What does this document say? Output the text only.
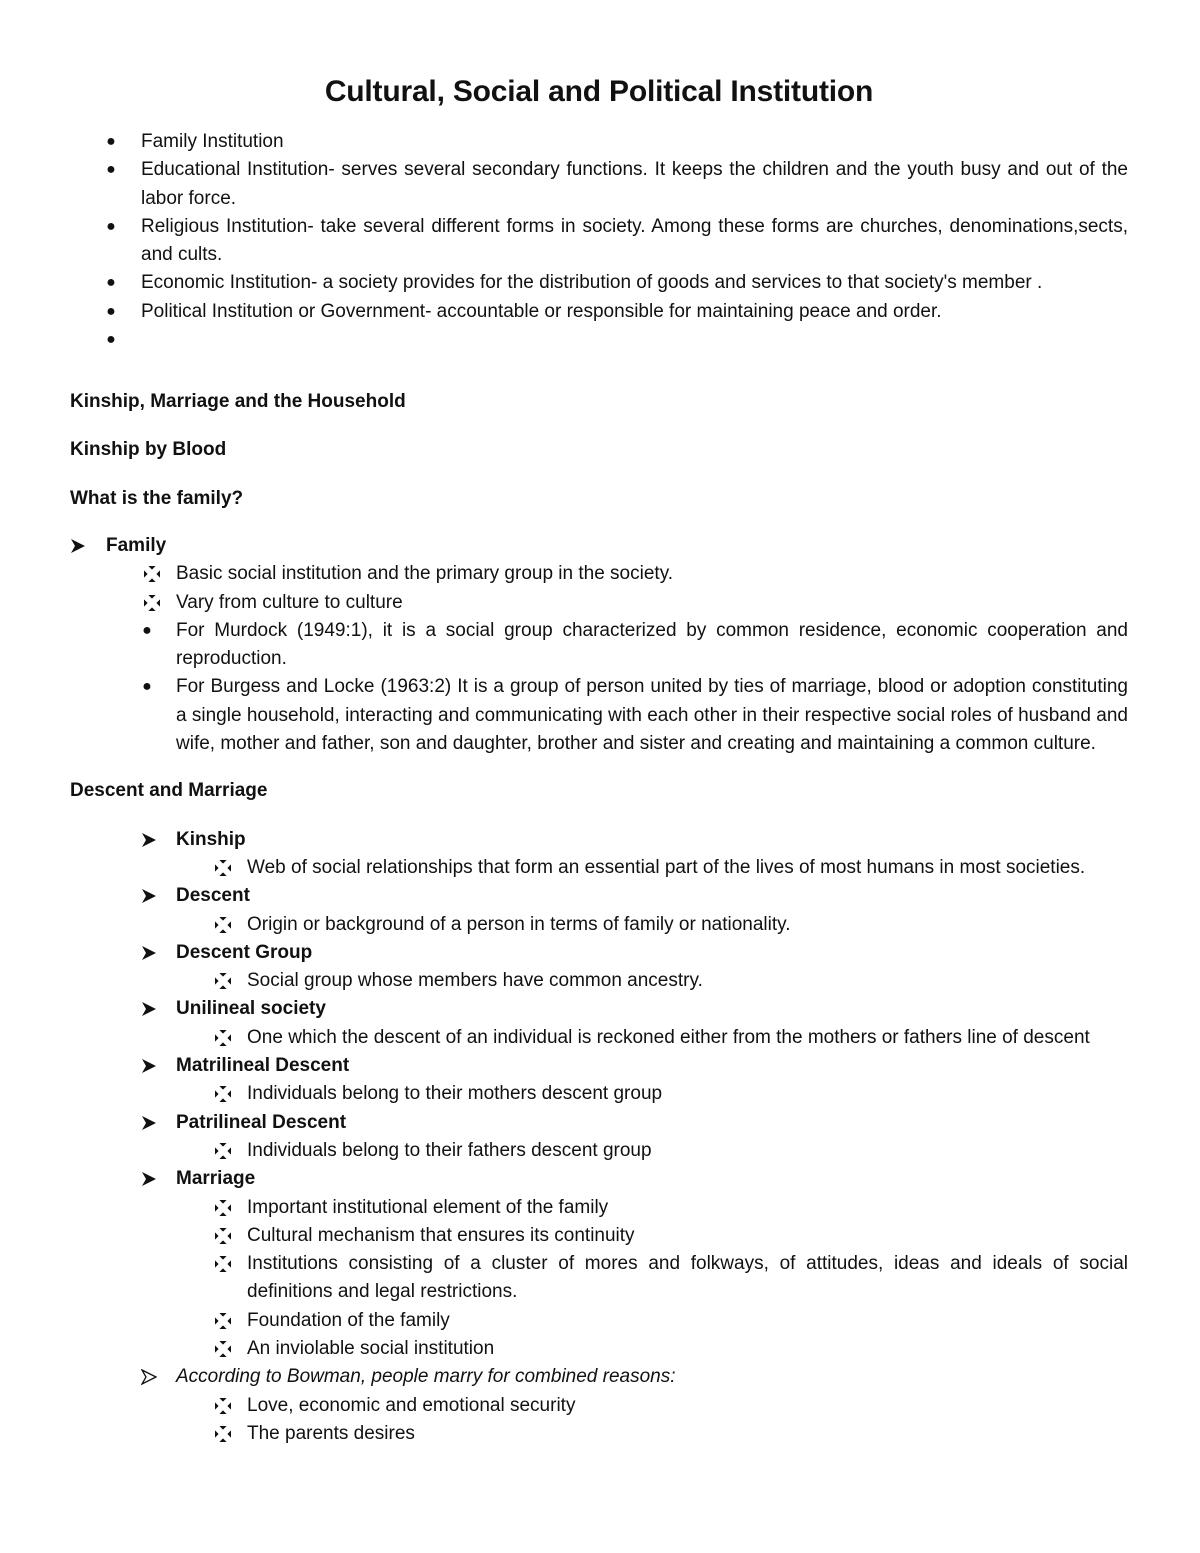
Cultural, Social and Political Institution
● Family Institution
● Educational Institution- serves several secondary functions. It keeps the children and the youth busy and out of the labor force.
● Religious Institution- take several different forms in society. Among these forms are churches, denominations,sects, and cults.
● Economic Institution- a society provides for the distribution of goods and services to that society's member .
● Political Institution or Government- accountable or responsible for maintaining peace and order.
●
Kinship, Marriage and the Household
Kinship by Blood
What is the family?
Family
Basic social institution and the primary group in the society.
Vary from culture to culture
● For Murdock (1949:1), it is a social group characterized by common residence, economic cooperation and reproduction.
● For Burgess and Locke (1963:2) It is a group of person united by ties of marriage, blood or adoption constituting a single household, interacting and communicating with each other in their respective social roles of husband and wife, mother and father, son and daughter, brother and sister and creating and maintaining a common culture.
Descent and Marriage
Kinship
Web of social relationships that form an essential part of the lives of most humans in most societies.
Descent
Origin or background of a person in terms of family or nationality.
Descent Group
Social group whose members have common ancestry.
Unilineal society
One which the descent of an individual is reckoned either from the mothers or fathers line of descent
Matrilineal Descent
Individuals belong to their mothers descent group
Patrilineal Descent
Individuals belong to their fathers descent group
Marriage
Important institutional element of the family
Cultural mechanism that ensures its continuity
Institutions consisting of a cluster of mores and folkways, of attitudes, ideas and ideals of social definitions and legal restrictions.
Foundation of the family
An inviolable social institution
According to Bowman, people marry for combined reasons:
Love, economic and emotional security
The parents desires
